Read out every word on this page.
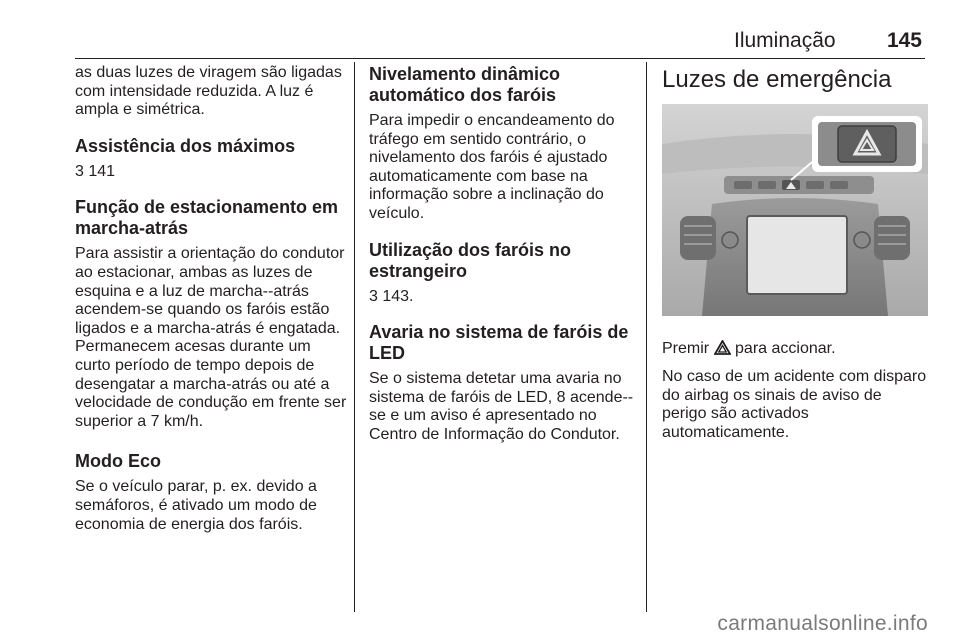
Iluminação 145

as duas luzes de viragem são ligadas com intensidade reduzida. A luz é ampla e simétrica.

Assistência dos máximos

3 141

Função de estacionamento em marcha-atrás

Para assistir a orientação do condutor ao estacionar, ambas as luzes de esquina e a luz de marcha--atrás acendem-se quando os faróis estão ligados e a marcha-atrás é engatada. Permanecem acesas durante um curto período de tempo depois de desengatar a marcha-atrás ou até a velocidade de condução em frente ser superior a 7 km/h.

Modo Eco

Se o veículo parar, p. ex. devido a semáforos, é ativado um modo de economia de energia dos faróis.

Nivelamento dinâmico automático dos faróis

Para impedir o encandeamento do tráfego em sentido contrário, o nivelamento dos faróis é ajustado automaticamente com base na informação sobre a inclinação do veículo.

Utilização dos faróis no estrangeiro

3 143.

Avaria no sistema de faróis de LED

Se o sistema detetar uma avaria no sistema de faróis de LED, 8 acende--se e um aviso é apresentado no Centro de Informação do Condutor.

Luzes de emergência

Premir para accionar.

No caso de um acidente com disparo do airbag os sinais de aviso de perigo são activados automaticamente.

carmanualsonline.info
